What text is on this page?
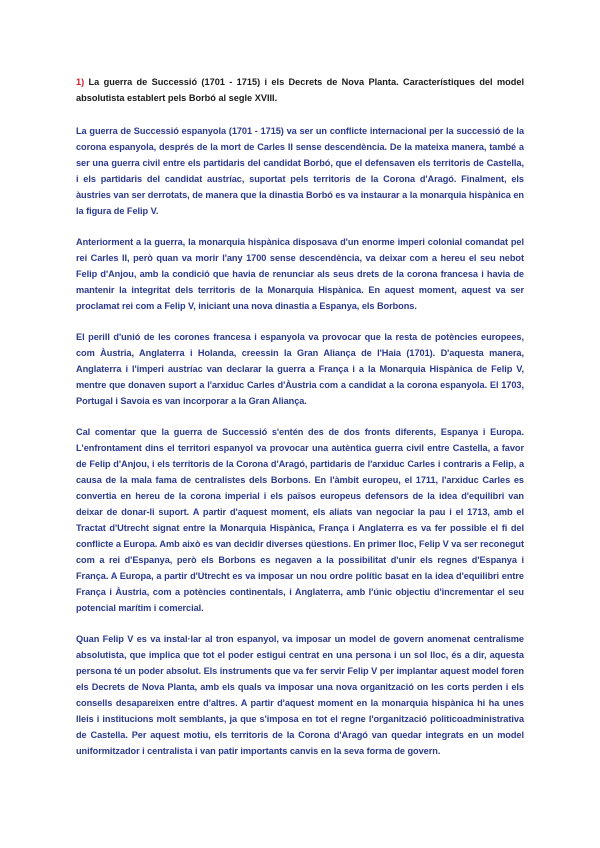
1) La guerra de Successió (1701 - 1715) i els Decrets de Nova Planta. Característiques del model absolutista establert pels Borbó al segle XVIII.

La guerra de Successió espanyola (1701 - 1715) va ser un conflicte internacional per la successió de la corona espanyola, després de la mort de Carles II sense descendència. De la mateixa manera, també a ser una guerra civil entre els partidaris del candidat Borbó, que el defensaven els territoris de Castella, i els partidaris del candidat austríac, suportat pels territoris de la Corona d'Aragó. Finalment, els àustries van ser derrotats, de manera que la dinastia Borbó es va instaurar a la monarquia hispànica en la figura de Felip V.

Anteriorment a la guerra, la monarquia hispànica disposava d'un enorme imperi colonial comandat pel rei Carles II, però quan va morir l'any 1700 sense descendència, va deixar com a hereu el seu nebot Felip d'Anjou, amb la condició que havia de renunciar als seus drets de la corona francesa i havia de mantenir la integritat dels territoris de la Monarquia Hispànica. En aquest moment, aquest va ser proclamat rei com a Felip V, iniciant una nova dinastia a Espanya, els Borbons.

El perill d'unió de les corones francesa i espanyola va provocar que la resta de potències europees, com Àustria, Anglaterra i Holanda, creessin la Gran Aliança de l'Haia (1701). D'aquesta manera, Anglaterra i l'imperi austríac van declarar la guerra a França i a la Monarquia Hispànica de Felip V, mentre que donaven suport a l'arxiduc Carles d'Àustria com a candidat a la corona espanyola. El 1703, Portugal i Savoia es van incorporar a la Gran Aliança.

Cal comentar que la guerra de Successió s'entén des de dos fronts diferents, Espanya i Europa. L'enfrontament dins el territori espanyol va provocar una autèntica guerra civil entre Castella, a favor de Felip d'Anjou, i els territoris de la Corona d'Aragó, partidaris de l'arxiduc Carles i contraris a Felip, a causa de la mala fama de centralistes dels Borbons. En l'àmbit europeu, el 1711, l'arxiduc Carles es convertia en hereu de la corona imperial i els països europeus defensors de la idea d'equilibri van deixar de donar-li suport. A partir d'aquest moment, els aliats van negociar la pau i el 1713, amb el Tractat d'Utrecht signat entre la Monarquia Hispànica, França i Anglaterra es va fer possible el fi del conflicte a Europa. Amb això es van decidir diverses qüestions. En primer lloc, Felip V va ser reconegut com a rei d'Espanya, però els Borbons es negaven a la possibilitat d'unir els regnes d'Espanya i França. A Europa, a partir d'Utrecht es va imposar un nou ordre polític basat en la idea d'equilibri entre França i Àustria, com a potències continentals, i Anglaterra, amb l'únic objectiu d'incrementar el seu potencial marítim i comercial.

Quan Felip V es va instal·lar al tron espanyol, va imposar un model de govern anomenat centralisme absolutista, que implica que tot el poder estigui centrat en una persona i un sol lloc, és a dir, aquesta persona té un poder absolut. Els instruments que va fer servir Felip V per implantar aquest model foren els Decrets de Nova Planta, amb els quals va imposar una nova organització on les corts perden i els consells desapareixen entre d'altres. A partir d'aquest moment en la monarquia hispànica hi ha unes lleis i institucions molt semblants, ja que s'imposa en tot el regne l'organització politicoadministrativa de Castella. Per aquest motiu, els territoris de la Corona d'Aragó van quedar integrats en un model uniformitzador i centralista i van patir importants canvis en la seva forma de govern.
